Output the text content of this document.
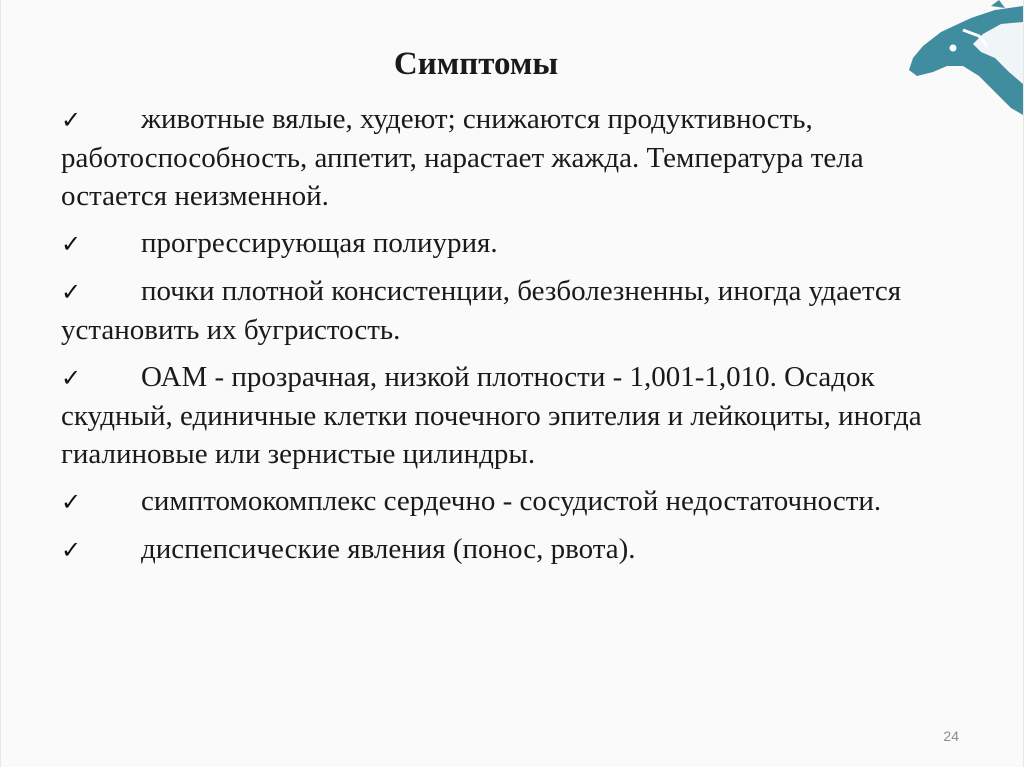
Симптомы
✓ животные вялые, худеют; снижаются продуктивность, работоспособность, аппетит, нарастает жажда. Температура тела остается неизменной.
✓ прогрессирующая полиурия.
✓ почки плотной консистенции, безболезненны, иногда удается установить их бугристость.
✓ ОАМ - прозрачная, низкой плотности - 1,001-1,010. Осадок скудный, единичные клетки почечного эпителия и лейкоциты, иногда гиалиновые или зернистые цилиндры.
✓ симптомокомплекс сердечно - сосудистой недостаточности.
✓ диспепсические явления (понос, рвота).
24
